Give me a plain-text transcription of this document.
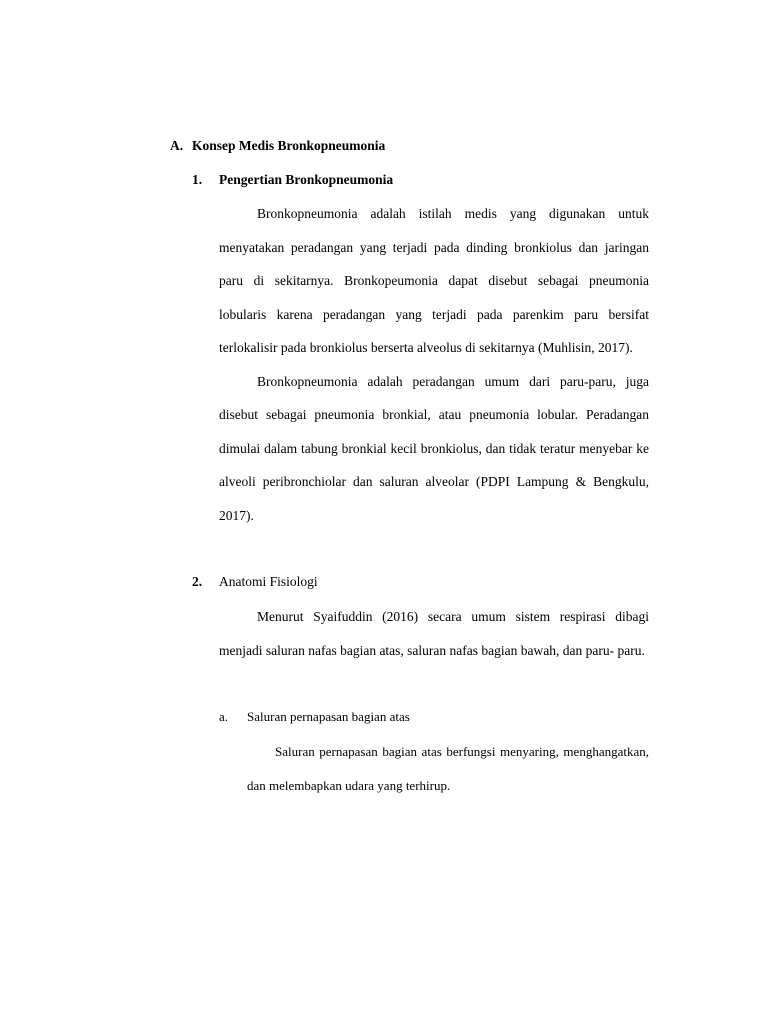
A. Konsep Medis Bronkopneumonia
1. Pengertian Bronkopneumonia

Bronkopneumonia adalah istilah medis yang digunakan untuk menyatakan peradangan yang terjadi pada dinding bronkiolus dan jaringan paru di sekitarnya. Bronkopeumonia dapat disebut sebagai pneumonia lobularis karena peradangan yang terjadi pada parenkim paru bersifat terlokalisir pada bronkiolus berserta alveolus di sekitarnya (Muhlisin, 2017).

Bronkopneumonia adalah peradangan umum dari paru-paru, juga disebut sebagai pneumonia bronkial, atau pneumonia lobular. Peradangan dimulai dalam tabung bronkial kecil bronkiolus, dan tidak teratur menyebar ke alveoli peribronchiolar dan saluran alveolar (PDPI Lampung & Bengkulu, 2017).

2. Anatomi Fisiologi

Menurut Syaifuddin (2016) secara umum sistem respirasi dibagi menjadi saluran nafas bagian atas, saluran nafas bagian bawah, dan paru- paru.

a. Saluran pernapasan bagian atas

Saluran pernapasan bagian atas berfungsi menyaring, menghangatkan, dan melembapkan udara yang terhirup.
